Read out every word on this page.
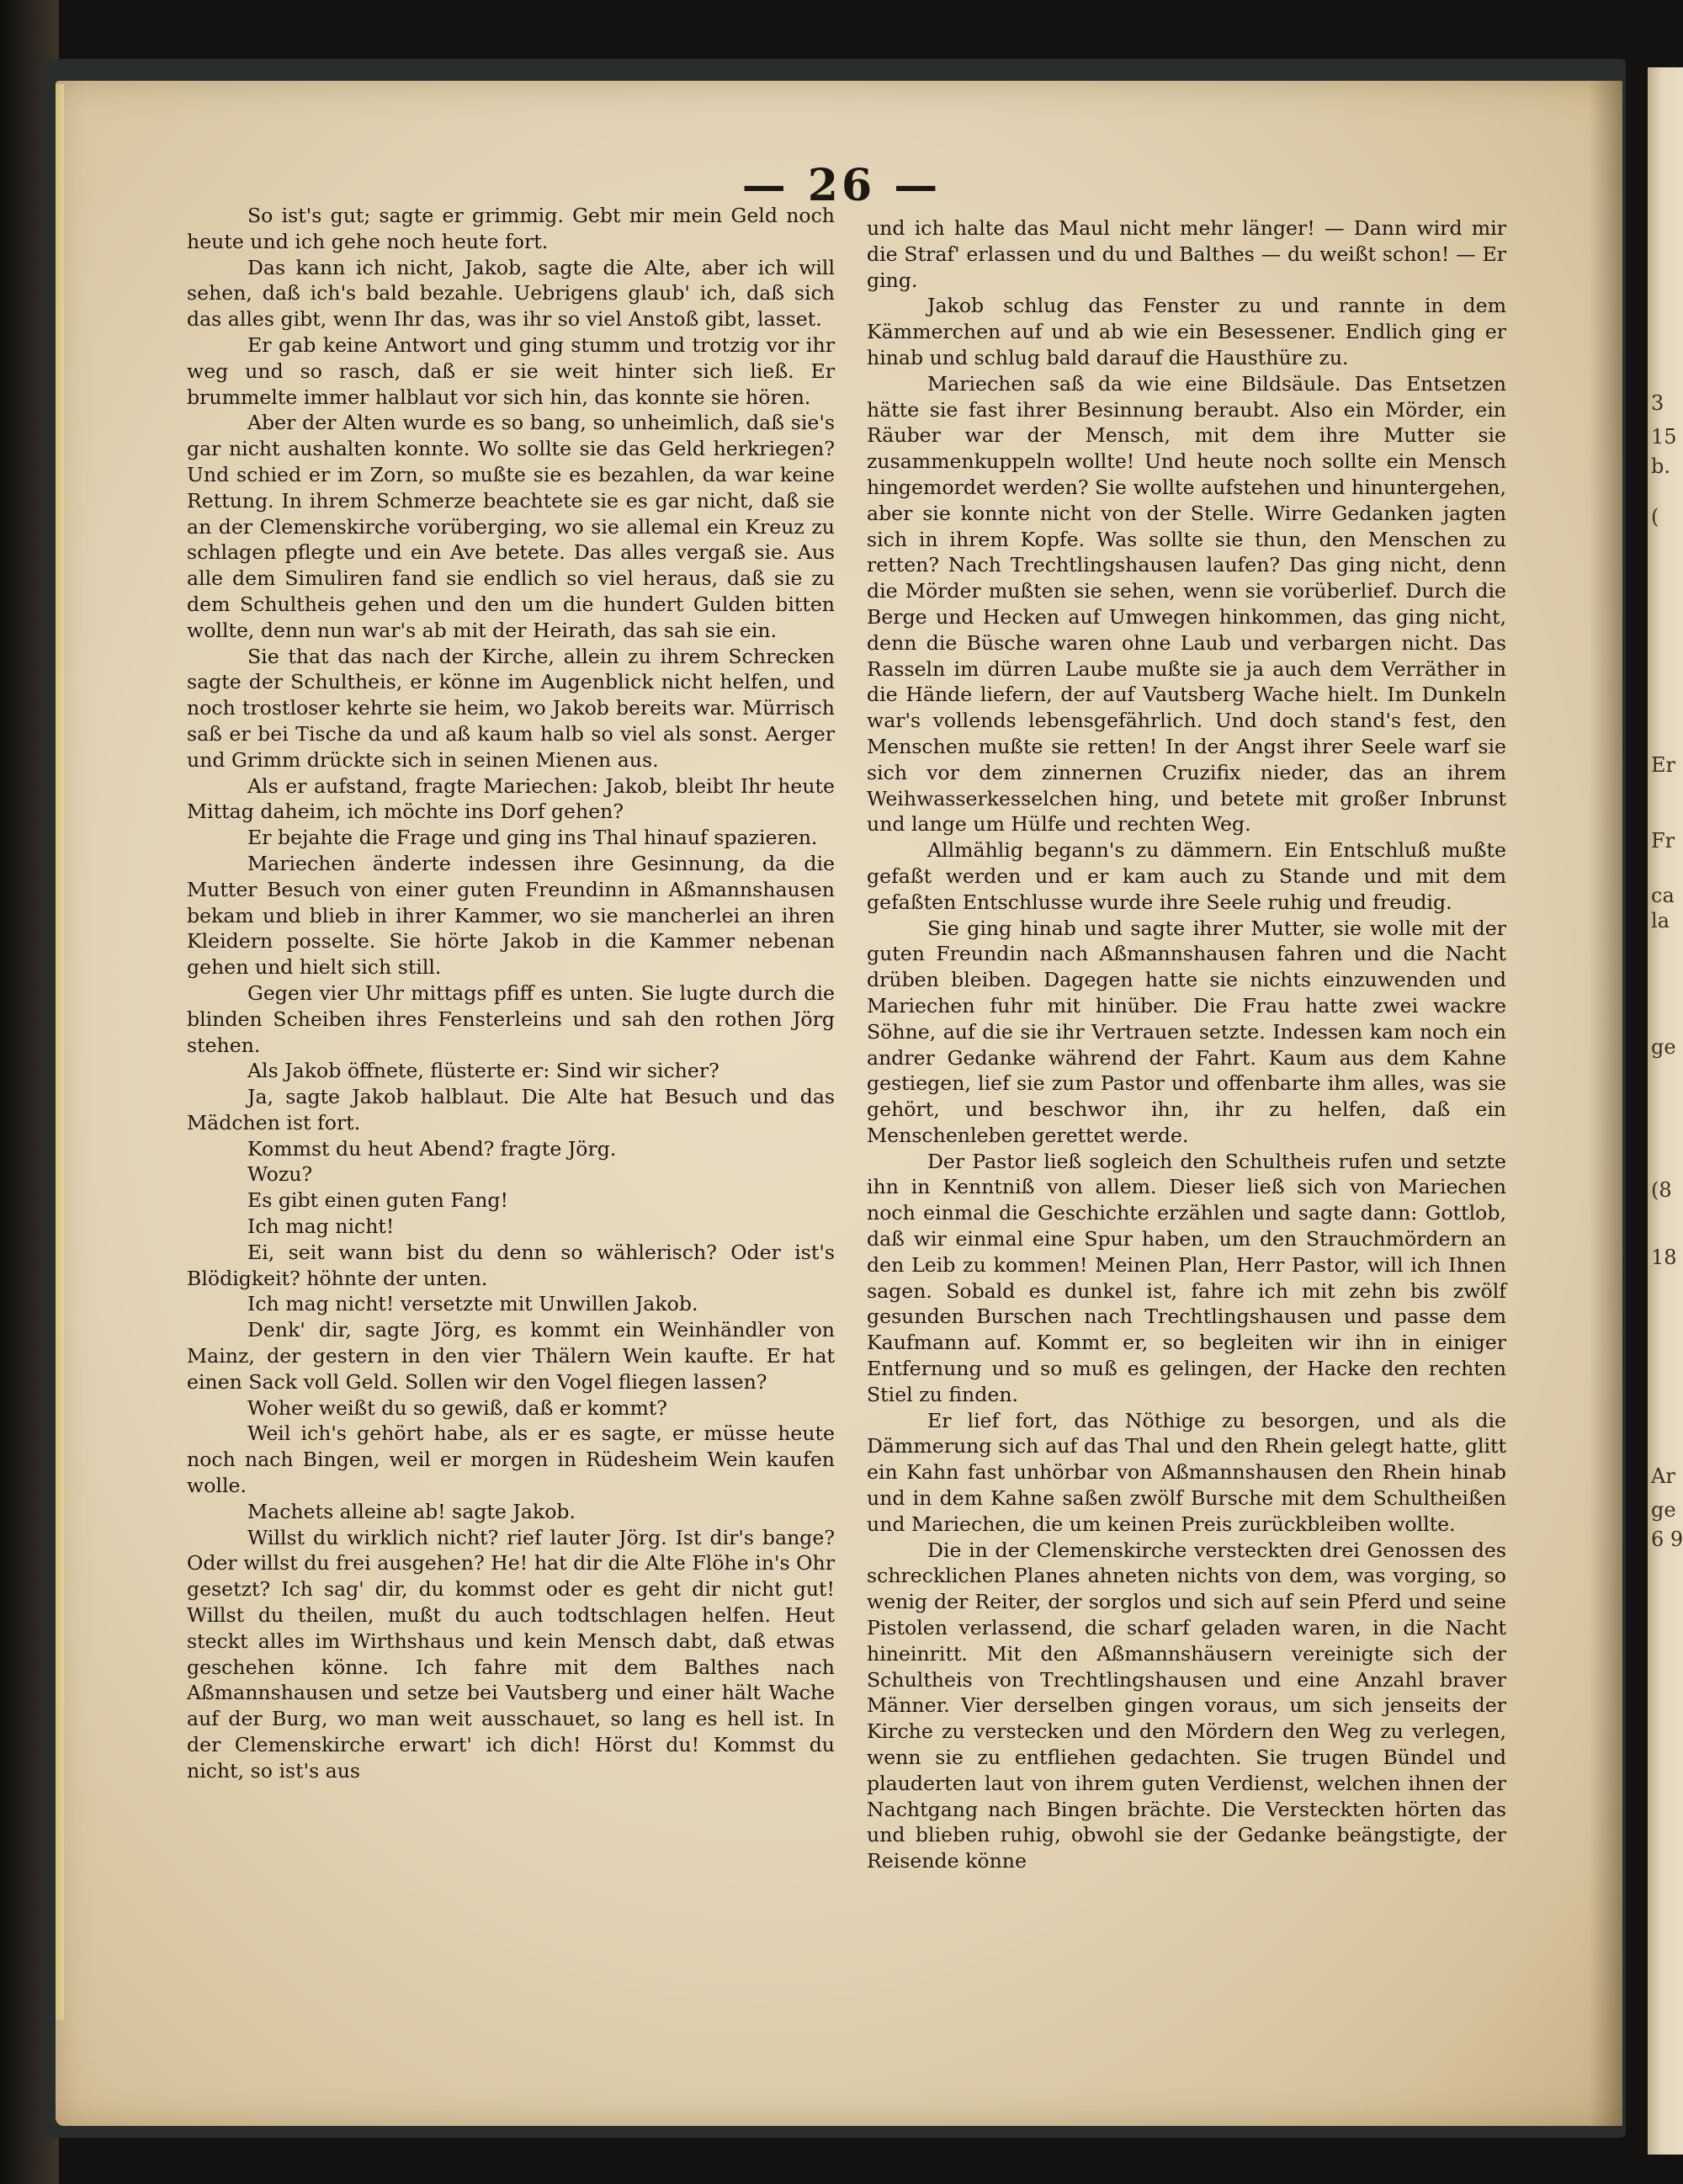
3
15
b.
(
Er
Fr
ca
la
ge
(8
18
Ar
ge
6 9
— 26 —

So ist's gut; sagte er grimmig. Gebt mir mein Geld noch heute und ich gehe noch heute fort.

Das kann ich nicht, Jakob, sagte die Alte, aber ich will sehen, daß ich's bald bezahle. Uebrigens glaub' ich, daß sich das alles gibt, wenn Ihr das, was ihr so viel Anstoß gibt, lasset.

Er gab keine Antwort und ging stumm und trotzig vor ihr weg und so rasch, daß er sie weit hinter sich ließ. Er brummelte immer halblaut vor sich hin, das konnte sie hören.

Aber der Alten wurde es so bang, so unheimlich, daß sie's gar nicht aushalten konnte. Wo sollte sie das Geld herkriegen? Und schied er im Zorn, so mußte sie es bezahlen, da war keine Rettung. In ihrem Schmerze beachtete sie es gar nicht, daß sie an der Clemenskirche vorüberging, wo sie allemal ein Kreuz zu schlagen pflegte und ein Ave betete. Das alles vergaß sie. Aus alle dem Simuliren fand sie endlich so viel heraus, daß sie zu dem Schultheis gehen und den um die hundert Gulden bitten wollte, denn nun war's ab mit der Heirath, das sah sie ein.

Sie that das nach der Kirche, allein zu ihrem Schrecken sagte der Schultheis, er könne im Augenblick nicht helfen, und noch trostloser kehrte sie heim, wo Jakob bereits war. Mürrisch saß er bei Tische da und aß kaum halb so viel als sonst. Aerger und Grimm drückte sich in seinen Mienen aus.

Als er aufstand, fragte Mariechen: Jakob, bleibt Ihr heute Mittag daheim, ich möchte ins Dorf gehen?

Er bejahte die Frage und ging ins Thal hinauf spazieren.

Mariechen änderte indessen ihre Gesinnung, da die Mutter Besuch von einer guten Freundinn in Aßmannshausen bekam und blieb in ihrer Kammer, wo sie mancherlei an ihren Kleidern posselte. Sie hörte Jakob in die Kammer nebenan gehen und hielt sich still.

Gegen vier Uhr mittags pfiff es unten. Sie lugte durch die blinden Scheiben ihres Fensterleins und sah den rothen Jörg stehen.

Als Jakob öffnete, flüsterte er: Sind wir sicher?

Ja, sagte Jakob halblaut. Die Alte hat Besuch und das Mädchen ist fort.

Kommst du heut Abend? fragte Jörg.

Wozu?

Es gibt einen guten Fang!

Ich mag nicht!

Ei, seit wann bist du denn so wählerisch? Oder ist's Blödigkeit? höhnte der unten.

Ich mag nicht! versetzte mit Unwillen Jakob.

Denk' dir, sagte Jörg, es kommt ein Weinhändler von Mainz, der gestern in den vier Thälern Wein kaufte. Er hat einen Sack voll Geld. Sollen wir den Vogel fliegen lassen?

Woher weißt du so gewiß, daß er kommt?

Weil ich's gehört habe, als er es sagte, er müsse heute noch nach Bingen, weil er morgen in Rüdesheim Wein kaufen wolle.

Machets alleine ab! sagte Jakob.

Willst du wirklich nicht? rief lauter Jörg. Ist dir's bange? Oder willst du frei ausgehen? He! hat dir die Alte Flöhe in's Ohr gesetzt? Ich sag' dir, du kommst oder es geht dir nicht gut! Willst du theilen, mußt du auch todtschlagen helfen. Heut steckt alles im Wirthshaus und kein Mensch dabt, daß etwas geschehen könne. Ich fahre mit dem Balthes nach Aßmannshausen und setze bei Vautsberg und einer hält Wache auf der Burg, wo man weit ausschauet, so lang es hell ist. In der Clemenskirche erwart' ich dich! Hörst du! Kommst du nicht, so ist's aus

und ich halte das Maul nicht mehr länger! — Dann wird mir die Straf' erlassen und du und Balthes — du weißt schon! — Er ging.

Jakob schlug das Fenster zu und rannte in dem Kämmerchen auf und ab wie ein Besessener. Endlich ging er hinab und schlug bald darauf die Hausthüre zu.

Mariechen saß da wie eine Bildsäule. Das Entsetzen hätte sie fast ihrer Besinnung beraubt. Also ein Mörder, ein Räuber war der Mensch, mit dem ihre Mutter sie zusammenkuppeln wollte! Und heute noch sollte ein Mensch hingemordet werden? Sie wollte aufstehen und hinuntergehen, aber sie konnte nicht von der Stelle. Wirre Gedanken jagten sich in ihrem Kopfe. Was sollte sie thun, den Menschen zu retten? Nach Trechtlingshausen laufen? Das ging nicht, denn die Mörder mußten sie sehen, wenn sie vorüberlief. Durch die Berge und Hecken auf Umwegen hinkommen, das ging nicht, denn die Büsche waren ohne Laub und verbargen nicht. Das Rasseln im dürren Laube mußte sie ja auch dem Verräther in die Hände liefern, der auf Vautsberg Wache hielt. Im Dunkeln war's vollends lebensgefährlich. Und doch stand's fest, den Menschen mußte sie retten! In der Angst ihrer Seele warf sie sich vor dem zinnernen Cruzifix nieder, das an ihrem Weihwasserkesselchen hing, und betete mit großer Inbrunst und lange um Hülfe und rechten Weg.

Allmählig begann's zu dämmern. Ein Entschluß mußte gefaßt werden und er kam auch zu Stande und mit dem gefaßten Entschlusse wurde ihre Seele ruhig und freudig.

Sie ging hinab und sagte ihrer Mutter, sie wolle mit der guten Freundin nach Aßmannshausen fahren und die Nacht drüben bleiben. Dagegen hatte sie nichts einzuwenden und Mariechen fuhr mit hinüber. Die Frau hatte zwei wackre Söhne, auf die sie ihr Vertrauen setzte. Indessen kam noch ein andrer Gedanke während der Fahrt. Kaum aus dem Kahne gestiegen, lief sie zum Pastor und offenbarte ihm alles, was sie gehört, und beschwor ihn, ihr zu helfen, daß ein Menschenleben gerettet werde.

Der Pastor ließ sogleich den Schultheis rufen und setzte ihn in Kenntniß von allem. Dieser ließ sich von Mariechen noch einmal die Geschichte erzählen und sagte dann: Gottlob, daß wir einmal eine Spur haben, um den Strauchmördern an den Leib zu kommen! Meinen Plan, Herr Pastor, will ich Ihnen sagen. Sobald es dunkel ist, fahre ich mit zehn bis zwölf gesunden Burschen nach Trechtlingshausen und passe dem Kaufmann auf. Kommt er, so begleiten wir ihn in einiger Entfernung und so muß es gelingen, der Hacke den rechten Stiel zu finden.

Er lief fort, das Nöthige zu besorgen, und als die Dämmerung sich auf das Thal und den Rhein gelegt hatte, glitt ein Kahn fast unhörbar von Aßmannshausen den Rhein hinab und in dem Kahne saßen zwölf Bursche mit dem Schultheißen und Mariechen, die um keinen Preis zurückbleiben wollte.

Die in der Clemenskirche versteckten drei Genossen des schrecklichen Planes ahneten nichts von dem, was vorging, so wenig der Reiter, der sorglos und sich auf sein Pferd und seine Pistolen verlassend, die scharf geladen waren, in die Nacht hineinritt. Mit den Aßmannshäusern vereinigte sich der Schultheis von Trechtlingshausen und eine Anzahl braver Männer. Vier derselben gingen voraus, um sich jenseits der Kirche zu verstecken und den Mördern den Weg zu verlegen, wenn sie zu entfliehen gedachten. Sie trugen Bündel und plauderten laut von ihrem guten Verdienst, welchen ihnen der Nachtgang nach Bingen brächte. Die Versteckten hörten das und blieben ruhig, obwohl sie der Gedanke beängstigte, der Reisende könne
